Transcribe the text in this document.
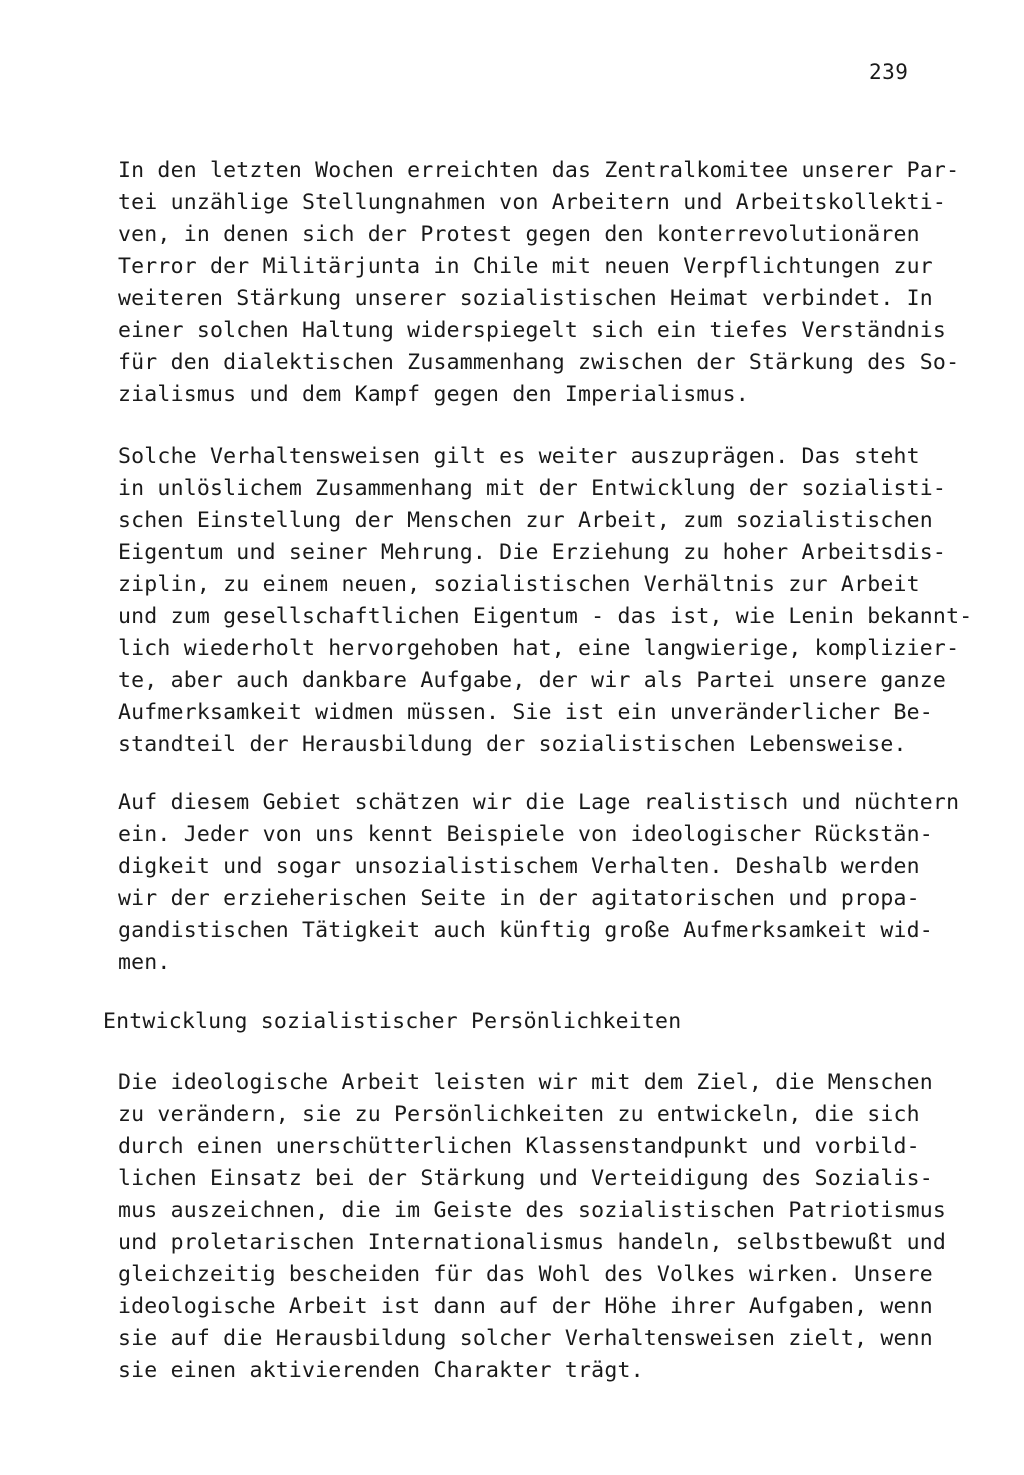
239
In den letzten Wochen erreichten das Zentralkomitee unserer Par-
tei unzählige Stellungnahmen von Arbeitern und Arbeitskollekti-
ven, in denen sich der Protest gegen den konterrevolutionären
Terror der Militärjunta in Chile mit neuen Verpflichtungen zur
weiteren Stärkung unserer sozialistischen Heimat verbindet. In
einer solchen Haltung widerspiegelt sich ein tiefes Verständnis
für den dialektischen Zusammenhang zwischen der Stärkung des So-
zialismus und dem Kampf gegen den Imperialismus.
Solche Verhaltensweisen gilt es weiter auszuprägen. Das steht
in unlöslichem Zusammenhang mit der Entwicklung der sozialisti-
schen Einstellung der Menschen zur Arbeit, zum sozialistischen
Eigentum und seiner Mehrung. Die Erziehung zu hoher Arbeitsdis-
ziplin, zu einem neuen, sozialistischen Verhältnis zur Arbeit
und zum gesellschaftlichen Eigentum - das ist, wie Lenin bekannt-
lich wiederholt hervorgehoben hat, eine langwierige, komplizier-
te, aber auch dankbare Aufgabe, der wir als Partei unsere ganze
Aufmerksamkeit widmen müssen. Sie ist ein unveränderlicher Be-
standteil der Herausbildung der sozialistischen Lebensweise.
Auf diesem Gebiet schätzen wir die Lage realistisch und nüchtern
ein. Jeder von uns kennt Beispiele von ideologischer Rückstän-
digkeit und sogar unsozialistischem Verhalten. Deshalb werden
wir der erzieherischen Seite in der agitatorischen und propa-
gandistischen Tätigkeit auch künftig große Aufmerksamkeit wid-
men.
Entwicklung sozialistischer Persönlichkeiten
Die ideologische Arbeit leisten wir mit dem Ziel, die Menschen
zu verändern, sie zu Persönlichkeiten zu entwickeln, die sich
durch einen unerschütterlichen Klassenstandpunkt und vorbild-
lichen Einsatz bei der Stärkung und Verteidigung des Sozialis-
mus auszeichnen, die im Geiste des sozialistischen Patriotismus
und proletarischen Internationalismus handeln, selbstbewußt und
gleichzeitig bescheiden für das Wohl des Volkes wirken. Unsere
ideologische Arbeit ist dann auf der Höhe ihrer Aufgaben, wenn
sie auf die Herausbildung solcher Verhaltensweisen zielt, wenn
sie einen aktivierenden Charakter trägt.
